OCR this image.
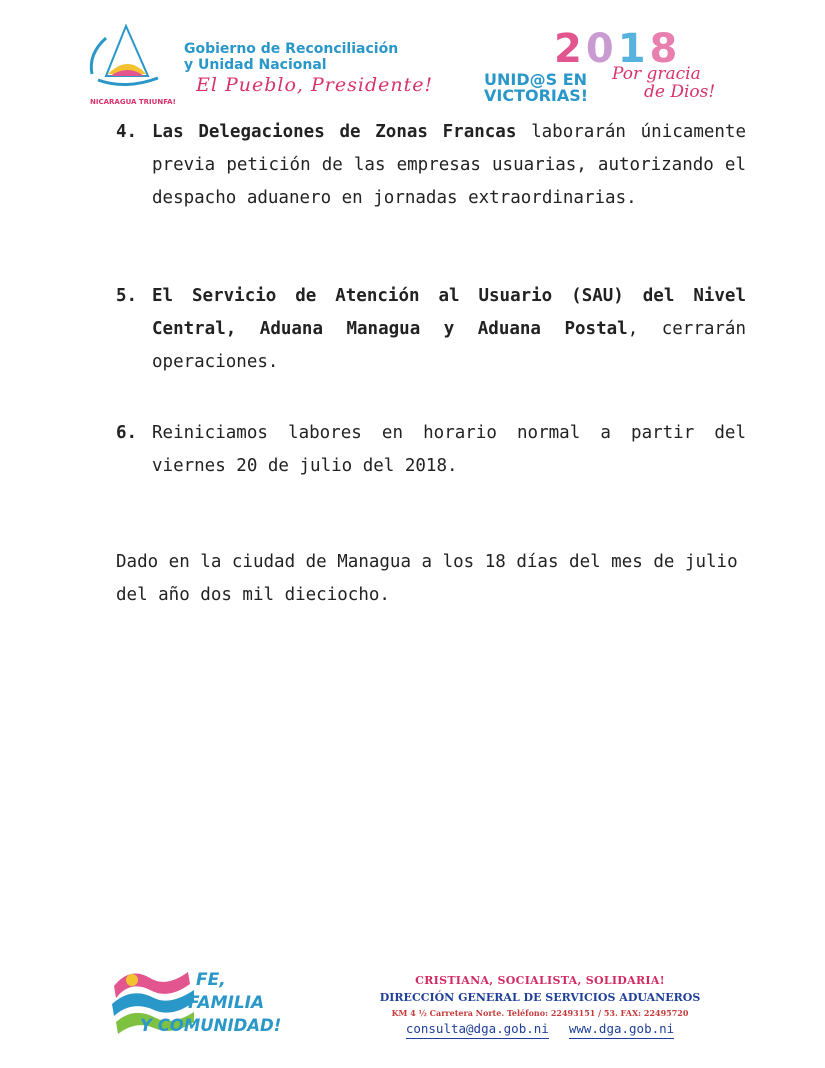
NICARAGUA TRIUNFA!
Gobierno de Reconciliación
y Unidad Nacional
El Pueblo, Presidente!
2018
UNID@S EN
VICTORIAS!
Por gracia
de Dios!
4. Las Delegaciones de Zonas Francas laborarán únicamente previa petición de las empresas usuarias, autorizando el despacho aduanero en jornadas extraordinarias.
5. El Servicio de Atención al Usuario (SAU) del Nivel Central, Aduana Managua y Aduana Postal, cerrarán operaciones.
6. Reiniciamos labores en horario normal a partir del viernes 20 de julio del 2018.
Dado en la ciudad de Managua a los 18 días del mes de julio del año dos mil dieciocho.
FE,
FAMILIA
Y COMUNIDAD!
CRISTIANA, SOCIALISTA, SOLIDARIA!
DIRECCIÓN GENERAL DE SERVICIOS ADUANEROS
KM 4 ½ Carretera Norte. Teléfono: 22493151 / 53. FAX: 22495720
consulta@dga.gob.ni www.dga.gob.ni
